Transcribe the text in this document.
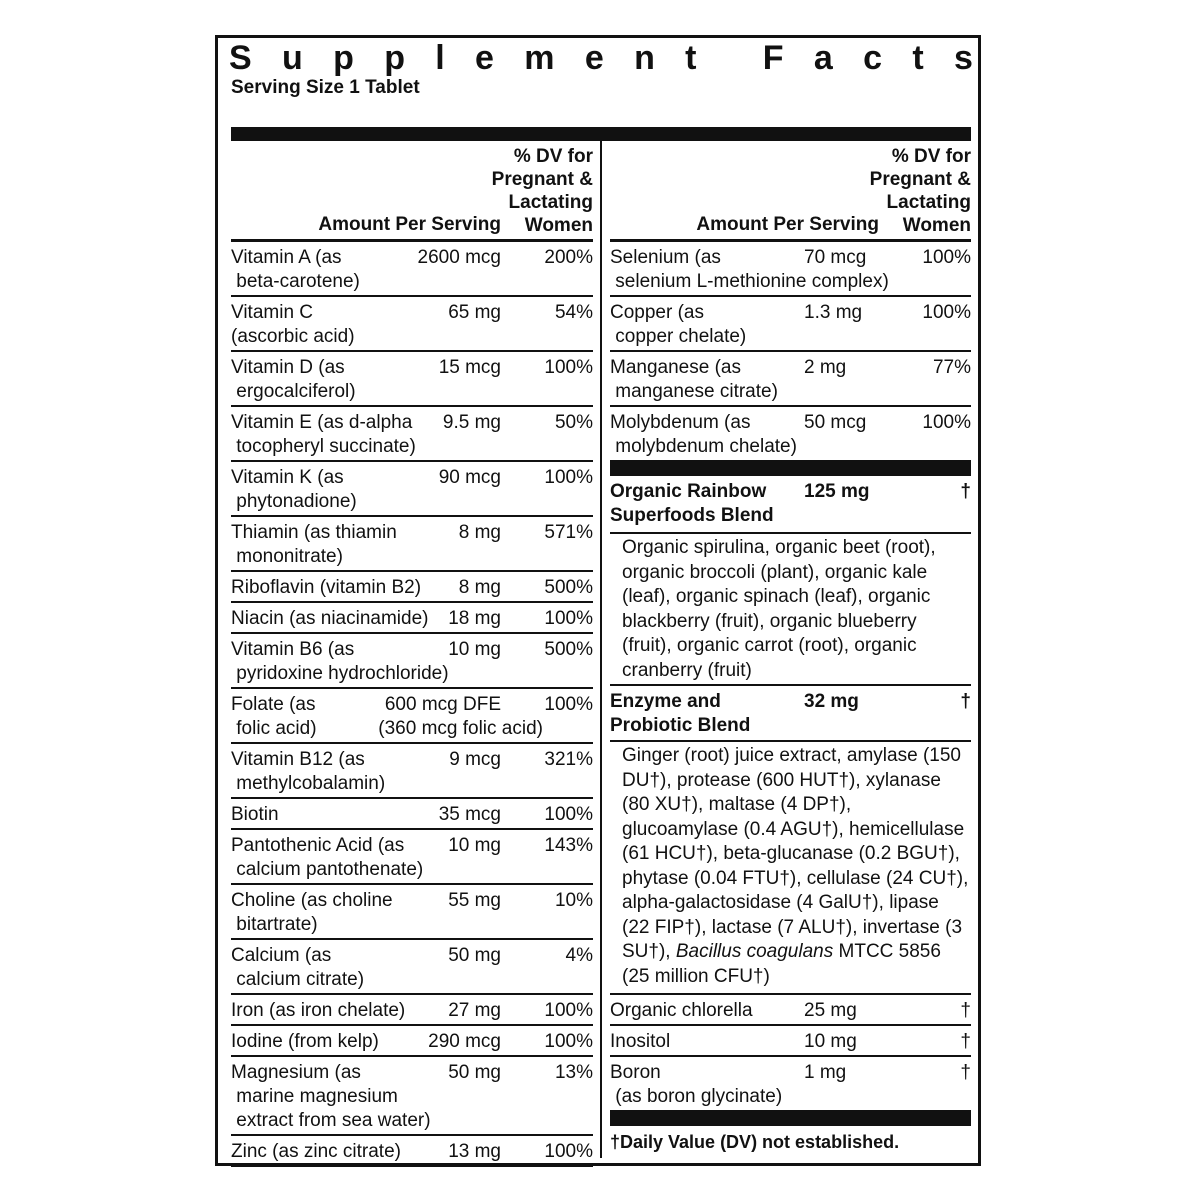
S u p p l e m e n t F a c t s
Serving Size 1 Tablet
% DV for
Pregnant &
Lactating
Women
Amount Per Serving
Vitamin A (as
beta-carotene)
2600 mcg 200%
Vitamin C
(ascorbic acid)
65 mg	54%
Vitamin D (as
ergocalciferol)
15 mcg 100%
Vitamin E (as d-alpha
tocopheryl succinate)
9.5 mg	50%
Vitamin K (as
phytonadione)
90 mcg 100%
Thiamin (as thiamin
mononitrate)
8 mg 571%
Riboflavin (vitamin B2) 8 mg 500%
Niacin (as niacinamide) 18 mg 100%
Vitamin B6 (as
pyridoxine hydrochloride)
10 mg 500%
Folate (as
folic acid)
600 mcg DFE 100%
(360 mcg folic acid)
Vitamin B12 (as
methylcobalamin)
9 mcg 321%
Biotin	35 mcg 100%
Pantothenic Acid (as
calcium pantothenate)
10 mg 143%
Choline (as choline
bitartrate)
55 mg	10%
Calcium (as
calcium citrate)
50 mg	4%
Iron (as iron chelate) 27 mg 100%
Iodine (from kelp)	290 mcg 100%
Magnesium (as
marine magnesium
extract from sea water)
50 mg	13%
Zinc (as zinc citrate) 13 mg 100%
% DV for
Pregnant &
Lactating
Women
Amount Per Serving
Selenium (as
selenium L-methionine complex)
70 mcg	100%
Copper (as
copper chelate)
1.3 mg	100%
Manganese (as
manganese citrate)
2 mg	77%
Molybdenum (as
molybdenum chelate)
50 mcg	100%
Organic Rainbow
Superfoods Blend
125 mg	†
Organic spirulina, organic beet (root), organic broccoli (plant), organic kale (leaf), organic spinach (leaf), organic blackberry (fruit), organic blueberry (fruit), organic carrot (root), organic cranberry (fruit)
Enzyme and
Probiotic Blend
32 mg	†
Ginger (root) juice extract, amylase (150 DU†), protease (600 HUT†), xylanase (80 XU†), maltase (4 DP†), glucoamylase (0.4 AGU†), hemicellulase (61 HCU†), beta-glucanase (0.2 BGU†), phytase (0.04 FTU†), cellulase (24 CU†), alpha-galactosidase (4 GalU†), lipase (22 FIP†), lactase (7 ALU†), invertase (3 SU†), Bacillus coagulans MTCC 5856 (25 million CFU†)
Organic chlorella	25 mg	†
Inositol	10 mg	†
Boron
(as boron glycinate)
1 mg	†
†Daily Value (DV) not established.
